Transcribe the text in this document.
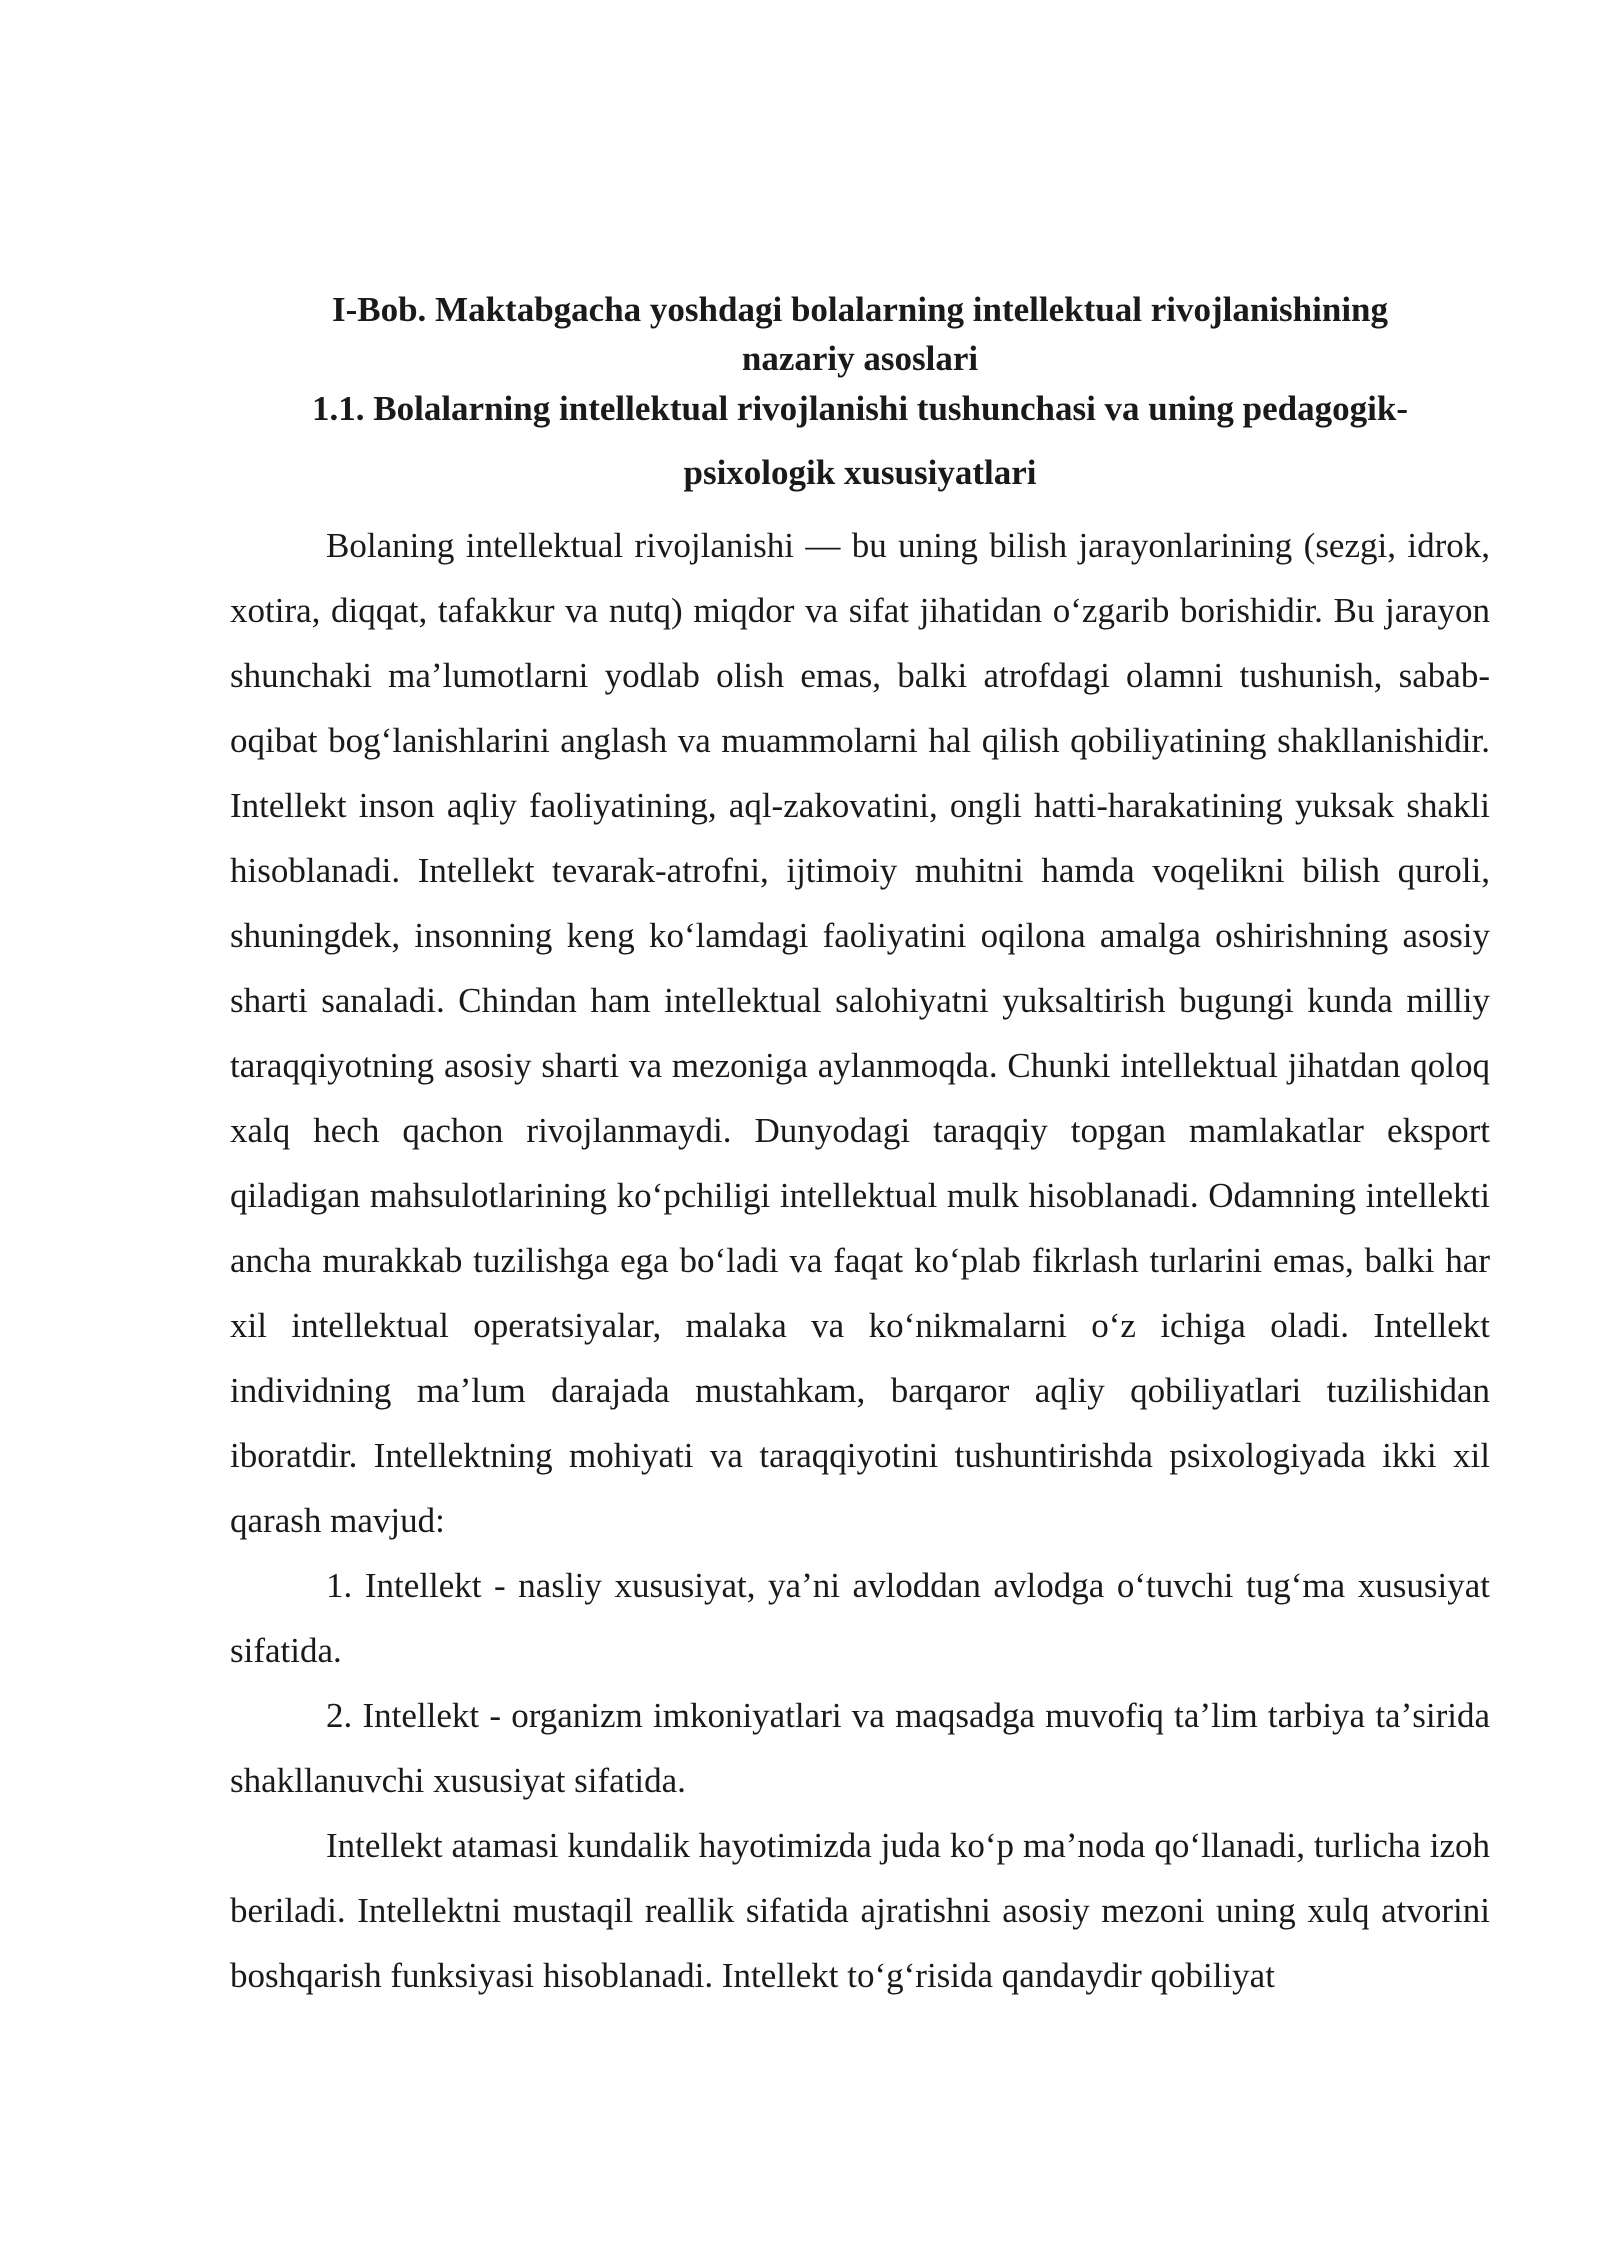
I-Bob. Maktabgacha yoshdagi bolalarning intellektual rivojlanishining
nazariy asoslari
1.1. Bolalarning intellektual rivojlanishi tushunchasi va uning pedagogik-
psixologik xususiyatlari

Bolaning intellektual rivojlanishi — bu uning bilish jarayonlarining (sezgi, idrok, xotira, diqqat, tafakkur va nutq) miqdor va sifat jihatidan oʻzgarib borishidir. Bu jarayon shunchaki maʼlumotlarni yodlab olish emas, balki atrofdagi olamni tushunish, sabab-oqibat bogʻlanishlarini anglash va muammolarni hal qilish qobiliyatining shakllanishidir. Intellekt inson aqliy faoliyatining, aql-zakovatini, ongli hatti-harakatining yuksak shakli hisoblanadi. Intellekt tevarak-atrofni, ijtimoiy muhitni hamda voqelikni bilish quroli, shuningdek, insonning keng koʻlamdagi faoliyatini oqilona amalga oshirishning asosiy sharti sanaladi. Chindan ham intellektual salohiyatni yuksaltirish bugungi kunda milliy taraqqiyotning asosiy sharti va mezoniga aylanmoqda. Chunki intellektual jihatdan qoloq xalq hech qachon rivojlanmaydi. Dunyodagi taraqqiy topgan mamlakatlar eksport qiladigan mahsulotlarining koʻpchiligi intellektual mulk hisoblanadi. Odamning intellekti ancha murakkab tuzilishga ega boʻladi va faqat koʻplab fikrlash turlarini emas, balki har xil intellektual operatsiyalar, malaka va koʻnikmalarni oʻz ichiga oladi. Intellekt individning maʼlum darajada mustahkam, barqaror aqliy qobiliyatlari tuzilishidan iboratdir. Intellektning mohiyati va taraqqiyotini tushuntirishda psixologiyada ikki xil qarash mavjud:

1. Intellekt - nasliy xususiyat, yaʼni avloddan avlodga oʻtuvchi tugʻma xususiyat sifatida.

2. Intellekt - organizm imkoniyatlari va maqsadga muvofiq taʼlim tarbiya taʼsirida shakllanuvchi xususiyat sifatida.

Intellekt atamasi kundalik hayotimizda juda koʻp maʼnoda qoʻllanadi, turlicha izoh beriladi. Intellektni mustaqil reallik sifatida ajratishni asosiy mezoni uning xulq atvorini boshqarish funksiyasi hisoblanadi. Intellekt toʻgʻrisida qandaydir qobiliyat
